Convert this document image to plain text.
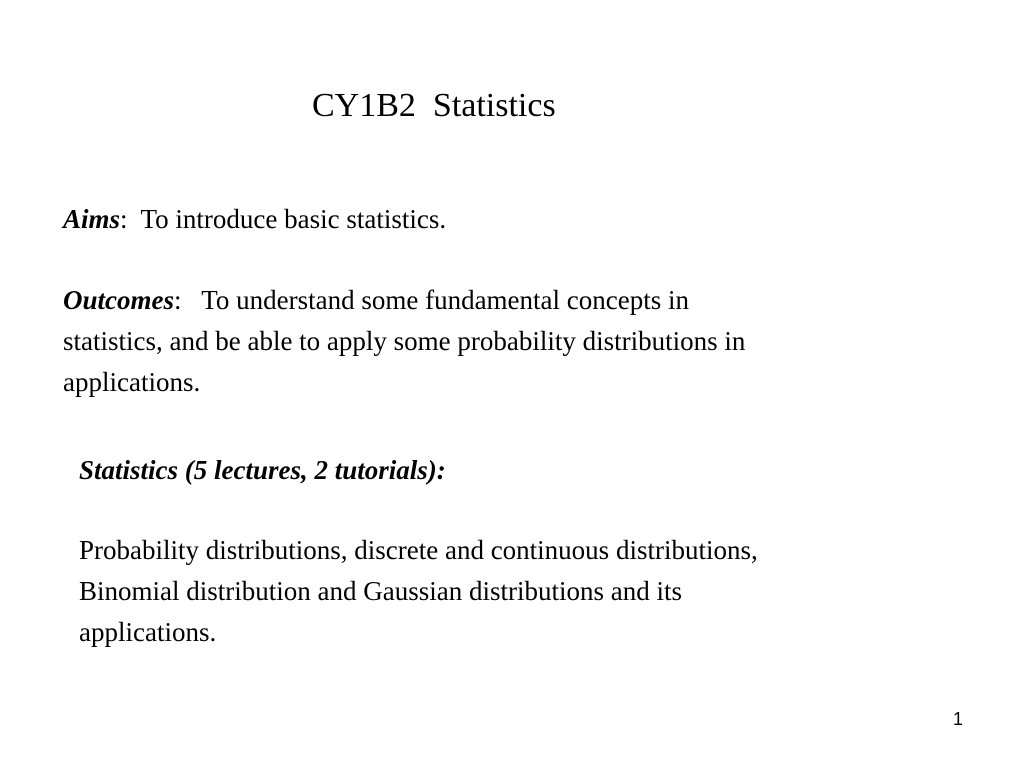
CY1B2  Statistics
Aims:  To introduce basic statistics.
Outcomes:   To understand some fundamental concepts in
statistics, and be able to apply some probability distributions in
applications.
Statistics (5 lectures, 2 tutorials):
Probability distributions, discrete and continuous distributions,
Binomial distribution and Gaussian distributions and its
applications.
1
